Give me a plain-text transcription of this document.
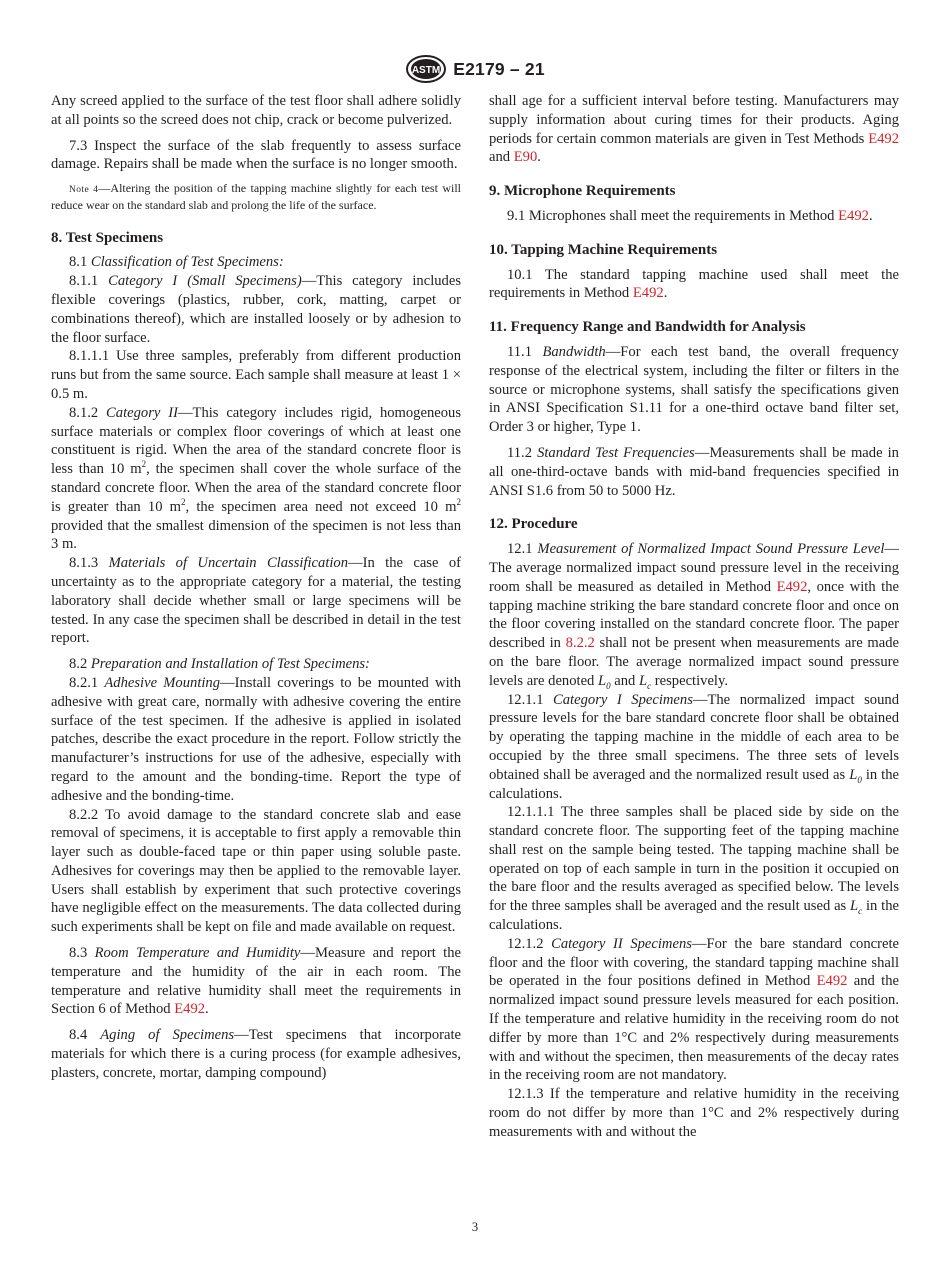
ASTM E2179 – 21

Any screed applied to the surface of the test floor shall adhere solidly at all points so the screed does not chip, crack or become pulverized.

7.3 Inspect the surface of the slab frequently to assess surface damage. Repairs shall be made when the surface is no longer smooth.

Note 4—Altering the position of the tapping machine slightly for each test will reduce wear on the standard slab and prolong the life of the surface.

8. Test Specimens

8.1 Classification of Test Specimens:

8.1.1 Category I (Small Specimens)—This category includes flexible coverings (plastics, rubber, cork, matting, carpet or combinations thereof), which are installed loosely or by adhesion to the floor surface.

8.1.1.1 Use three samples, preferably from different production runs but from the same source. Each sample shall measure at least 1 × 0.5 m.

8.1.2 Category II—This category includes rigid, homogeneous surface materials or complex floor coverings of which at least one constituent is rigid. When the area of the standard concrete floor is less than 10 $m^2$, the specimen shall cover the whole surface of the standard concrete floor. When the area of the standard concrete floor is greater than 10 $m^2$, the specimen area need not exceed 10 $m^2$ provided that the smallest dimension of the specimen is not less than 3 m.

8.1.3 Materials of Uncertain Classification—In the case of uncertainty as to the appropriate category for a material, the testing laboratory shall decide whether small or large specimens will be tested. In any case the specimen shall be described in detail in the test report.

8.2 Preparation and Installation of Test Specimens:

8.2.1 Adhesive Mounting—Install coverings to be mounted with adhesive with great care, normally with adhesive covering the entire surface of the test specimen. If the adhesive is applied in isolated patches, describe the exact procedure in the report. Follow strictly the manufacturer’s instructions for use of the adhesive, especially with regard to the amount and the bonding-time. Report the type of adhesive and the bonding-time.

8.2.2 To avoid damage to the standard concrete slab and ease removal of specimens, it is acceptable to first apply a removable thin layer such as double-faced tape or thin paper using soluble paste. Adhesives for coverings may then be applied to the removable layer. Users shall establish by experiment that such protective coverings have negligible effect on the measurements. The data collected during such experiments shall be kept on file and made available on request.

8.3 Room Temperature and Humidity—Measure and report the temperature and the humidity of the air in each room. The temperature and relative humidity shall meet the requirements in Section 6 of Method E492.

8.4 Aging of Specimens—Test specimens that incorporate materials for which there is a curing process (for example adhesives, plasters, concrete, mortar, damping compound)

shall age for a sufficient interval before testing. Manufacturers may supply information about curing times for their products. Aging periods for certain common materials are given in Test Methods E492 and E90.

9. Microphone Requirements

9.1 Microphones shall meet the requirements in Method E492.

10. Tapping Machine Requirements

10.1 The standard tapping machine used shall meet the requirements in Method E492.

11. Frequency Range and Bandwidth for Analysis

11.1 Bandwidth—For each test band, the overall frequency response of the electrical system, including the filter or filters in the source or microphone systems, shall satisfy the specifications given in ANSI Specification S1.11 for a one-third octave band filter set, Order 3 or higher, Type 1.

11.2 Standard Test Frequencies—Measurements shall be made in all one-third-octave bands with mid-band frequencies specified in ANSI S1.6 from 50 to 5000 Hz.

12. Procedure

12.1 Measurement of Normalized Impact Sound Pressure Level—The average normalized impact sound pressure level in the receiving room shall be measured as detailed in Method E492, once with the tapping machine striking the bare standard concrete floor and once on the floor covering installed on the standard concrete floor. The paper described in 8.2.2 shall not be present when measurements are made on the bare floor. The average normalized impact sound pressure levels are denoted $L_0$ and $L_c$ respectively.

12.1.1 Category I Specimens—The normalized impact sound pressure levels for the bare standard concrete floor shall be obtained by operating the tapping machine in the middle of each area to be occupied by the three small specimens. The three sets of levels obtained shall be averaged and the normalized result used as $L_0$ in the calculations.

12.1.1.1 The three samples shall be placed side by side on the standard concrete floor. The supporting feet of the tapping machine shall rest on the sample being tested. The tapping machine shall be operated on top of each sample in turn in the position it occupied on the bare floor and the results averaged as specified below. The levels for the three samples shall be averaged and the result used as $L_c$ in the calculations.

12.1.2 Category II Specimens—For the bare standard concrete floor and the floor with covering, the standard tapping machine shall be operated in the four positions defined in Method E492 and the normalized impact sound pressure levels measured for each position. If the temperature and relative humidity in the receiving room do not differ by more than 1°C and 2% respectively during measurements with and without the specimen, then measurements of the decay rates in the receiving room are not mandatory.

12.1.3 If the temperature and relative humidity in the receiving room do not differ by more than 1°C and 2% respectively during measurements with and without the

3
